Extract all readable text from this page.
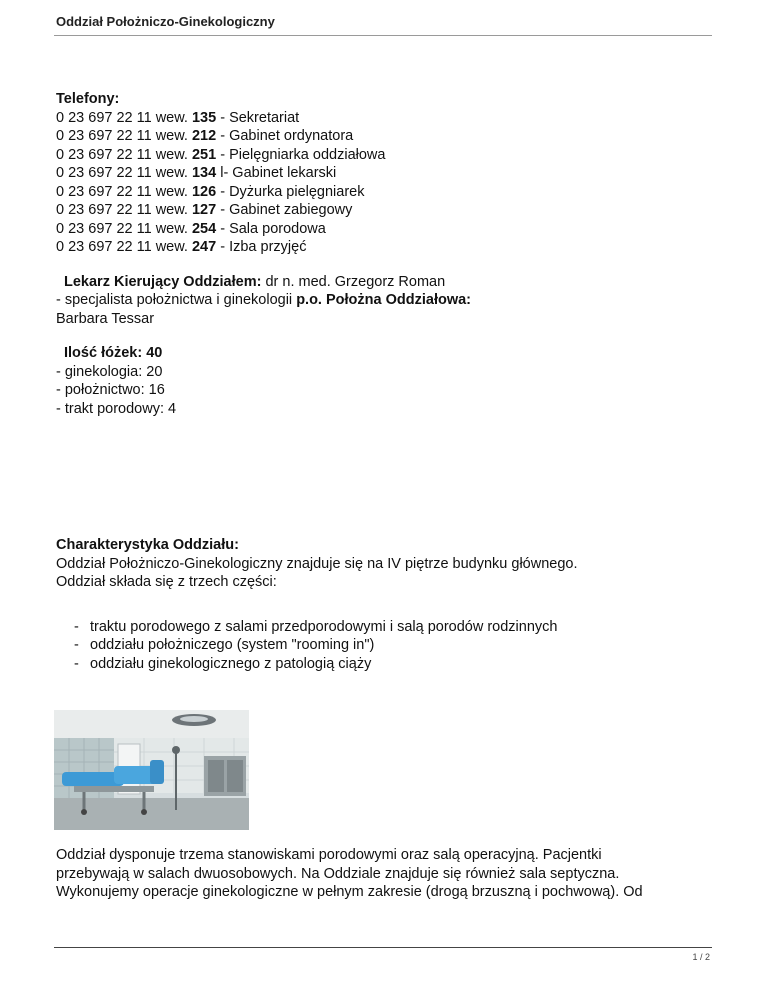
Oddział Położniczo-Ginekologiczny
Telefony:
0 23 697 22 11 wew. 135 - Sekretariat
0 23 697 22 11 wew. 212 - Gabinet ordynatora
0 23 697 22 11 wew. 251 - Pielęgniarka oddziałowa
0 23 697 22 11 wew. 134 l- Gabinet lekarski
0 23 697 22 11 wew. 126 - Dyżurka pielęgniarek
0 23 697 22 11 wew. 127 - Gabinet zabiegowy
0 23 697 22 11 wew. 254 - Sala porodowa
0 23 697 22 11 wew. 247 - Izba przyjęć
Lekarz Kierujący Oddziałem: dr n. med. Grzegorz Roman
- specjalista położnictwa i ginekologii p.o. Położna Oddziałowa:
Barbara Tessar
Ilość łóżek: 40
- ginekologia: 20
- położnictwo: 16
- trakt porodowy: 4
Charakterystyka Oddziału:
Oddział Położniczo-Ginekologiczny znajduje się na IV piętrze budynku głównego.
Oddział składa się z trzech części:
- traktu porodowego z salami przedporodowymi i salą porodów rodzinnych
- oddziału położniczego (system "rooming in")
- oddziału ginekologicznego z patologią ciąży
Oddział dysponuje trzema stanowiskami porodowymi oraz salą operacyjną. Pacjentki
przebywają w salach dwuosobowych. Na Oddziale znajduje się również sala septyczna.
Wykonujemy operacje ginekologiczne w pełnym zakresie (drogą brzuszną i pochwową). Od
1 / 2
